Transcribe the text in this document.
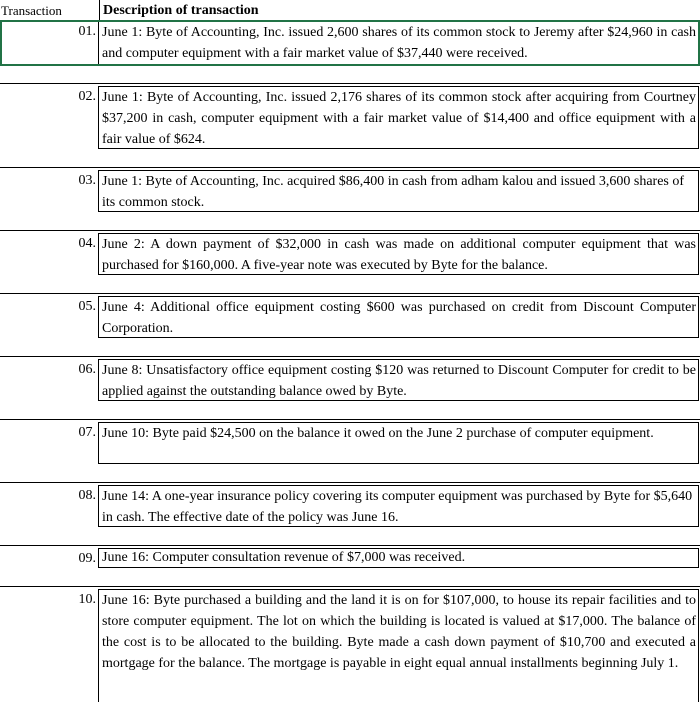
Transaction	Description of transaction
01. June 1: Byte of Accounting, Inc. issued 2,600 shares of its common stock to Jeremy after $24,960 in cash and computer equipment with a fair market value of $37,440 were received.
02. June 1: Byte of Accounting, Inc. issued 2,176 shares of its common stock after acquiring from Courtney $37,200 in cash, computer equipment with a fair market value of $14,400 and office equipment with a fair value of $624.
03. June 1: Byte of Accounting, Inc. acquired $86,400 in cash from adham kalou and issued 3,600 shares of its common stock.
04. June 2: A down payment of $32,000 in cash was made on additional computer equipment that was purchased for $160,000. A five-year note was executed by Byte for the balance.
05. June 4: Additional office equipment costing $600 was purchased on credit from Discount Computer Corporation.
06. June 8: Unsatisfactory office equipment costing $120 was returned to Discount Computer for credit to be applied against the outstanding balance owed by Byte.
07. June 10: Byte paid $24,500 on the balance it owed on the June 2 purchase of computer equipment.
08. June 14: A one-year insurance policy covering its computer equipment was purchased by Byte for $5,640 in cash. The effective date of the policy was June 16.
09. June 16: Computer consultation revenue of $7,000 was received.
10. June 16: Byte purchased a building and the land it is on for $107,000, to house its repair facilities and to store computer equipment. The lot on which the building is located is valued at $17,000. The balance of the cost is to be allocated to the building. Byte made a cash down payment of $10,700 and executed a mortgage for the balance. The mortgage is payable in eight equal annual installments beginning July 1.
